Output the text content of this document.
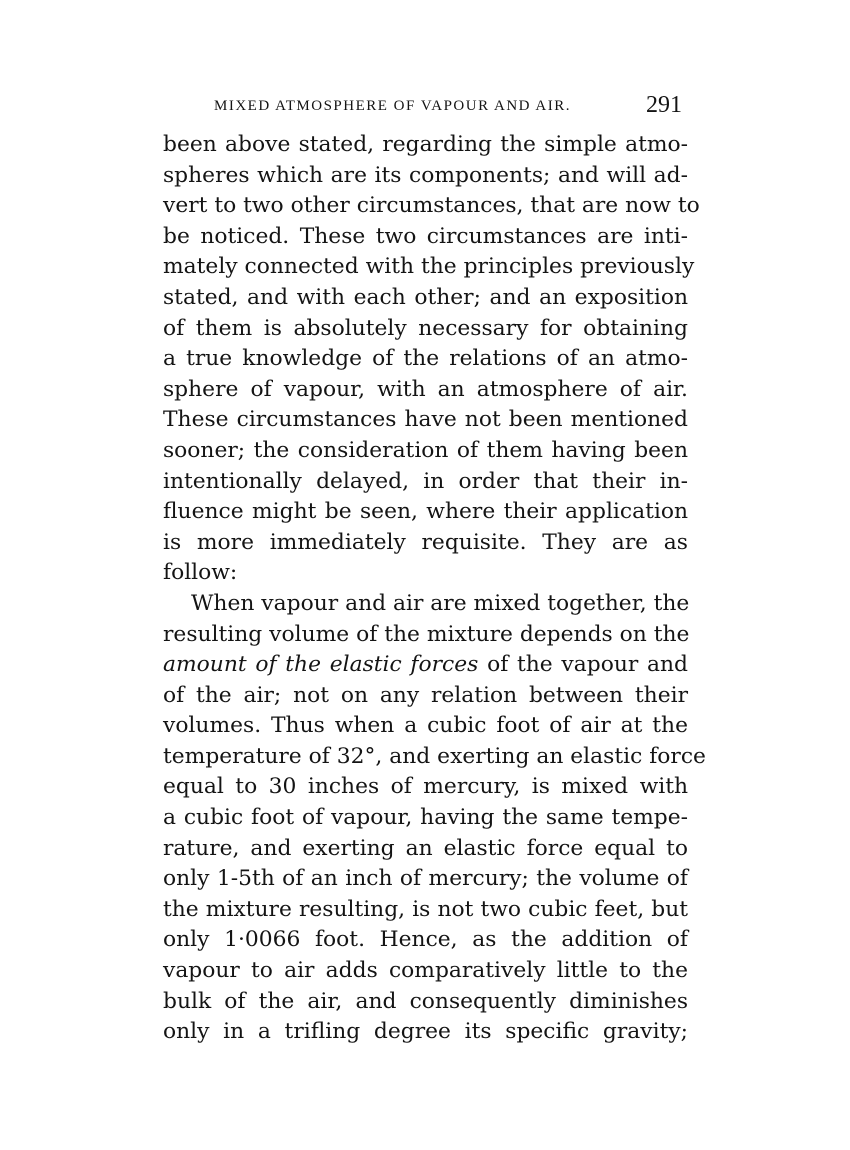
MIXED ATMOSPHERE OF VAPOUR AND AIR.	291
been above stated, regarding the simple atmo-
spheres which are its components; and will ad-
vert to two other circumstances, that are now to
be noticed. These two circumstances are inti-
mately connected with the principles previously
stated, and with each other; and an exposition
of them is absolutely necessary for obtaining
a true knowledge of the relations of an atmo-
sphere of vapour, with an atmosphere of air.
These circumstances have not been mentioned
sooner; the consideration of them having been
intentionally delayed, in order that their in-
fluence might be seen, where their application
is more immediately requisite. They are as
follow:
When vapour and air are mixed together, the
resulting volume of the mixture depends on the
amount of the elastic forces of the vapour and
of the air; not on any relation between their
volumes. Thus when a cubic foot of air at the
temperature of 32°, and exerting an elastic force
equal to 30 inches of mercury, is mixed with
a cubic foot of vapour, having the same tempe-
rature, and exerting an elastic force equal to
only 1-5th of an inch of mercury; the volume of
the mixture resulting, is not two cubic feet, but
only 1·0066 foot. Hence, as the addition of
vapour to air adds comparatively little to the
bulk of the air, and consequently diminishes
only in a trifling degree its specific gravity;
